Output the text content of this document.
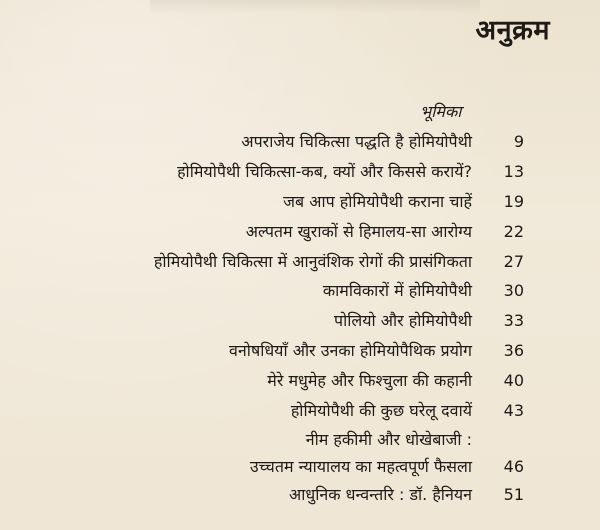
अनुक्रम
भूमिका
अपराजेय चिकित्सा पद्धति है होमियोपैथी	9
होमियोपैथी चिकित्सा-कब, क्यों और किससे करायें?	13
जब आप होमियोपैथी कराना चाहें	19
अल्पतम खुराकों से हिमालय-सा आरोग्य	22
होमियोपैथी चिकित्सा में आनुवंशिक रोगों की प्रासंगिकता	27
कामविकारों में होमियोपैथी	30
पोलियो और होमियोपैथी	33
वनोषधियाँ और उनका होमियोपैथिक प्रयोग	36
मेरे मधुमेह और फिश्चुला की कहानी	40
होमियोपैथी की कुछ घरेलू दवायें	43
नीम हकीमी और धोखेबाजी :
उच्चतम न्यायालय का महत्वपूर्ण फैसला	46
आधुनिक धन्वन्तरि : डॉ. हैनियन	51
